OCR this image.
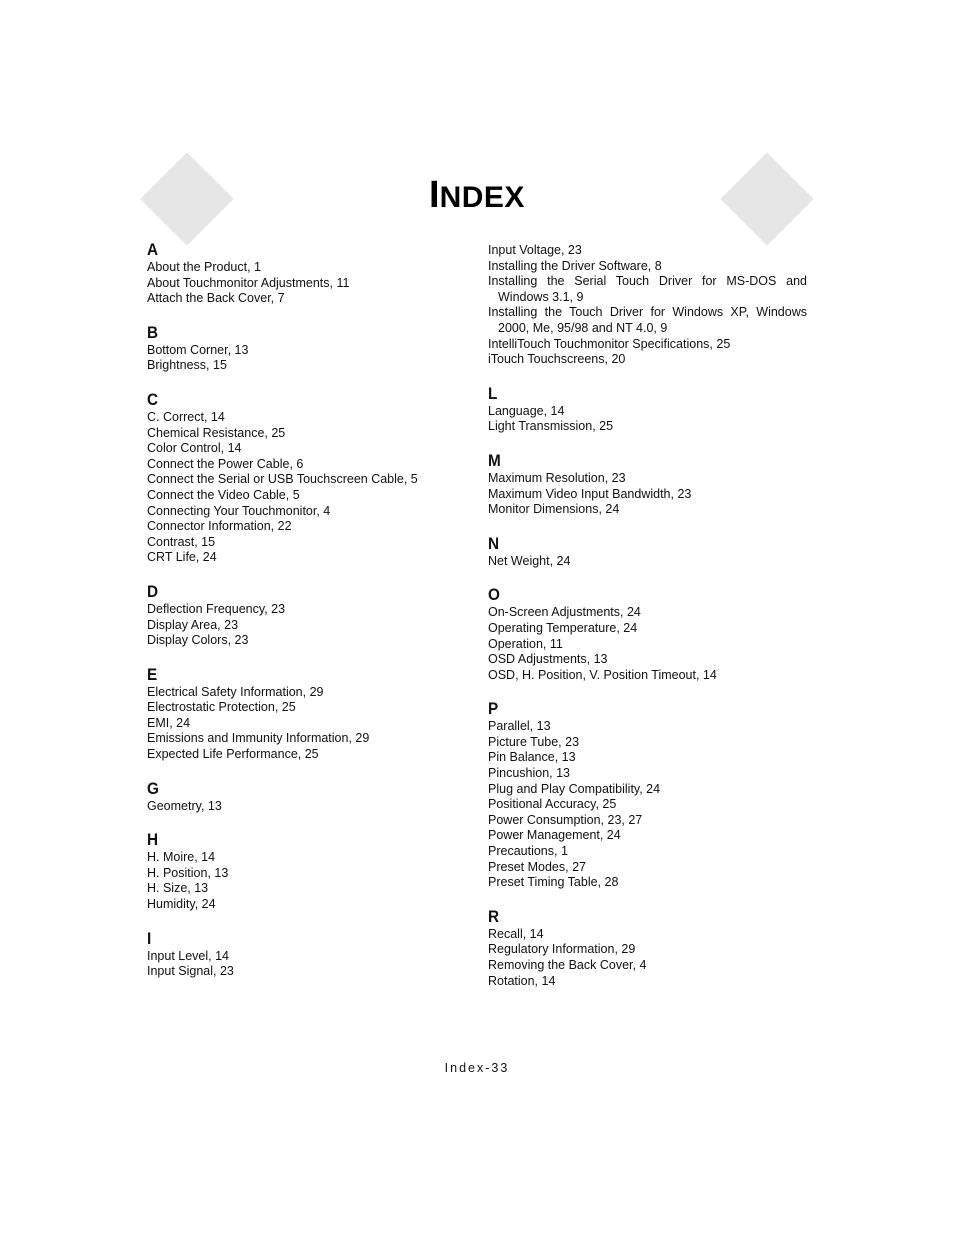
INDEX
A
About the Product, 1
About Touchmonitor Adjustments, 11
Attach the Back Cover, 7
B
Bottom Corner, 13
Brightness, 15
C
C. Correct, 14
Chemical Resistance, 25
Color Control, 14
Connect the Power Cable, 6
Connect the Serial or USB Touchscreen Cable, 5
Connect the Video Cable, 5
Connecting Your Touchmonitor, 4
Connector Information, 22
Contrast, 15
CRT Life, 24
D
Deflection Frequency, 23
Display Area, 23
Display Colors, 23
E
Electrical Safety Information, 29
Electrostatic Protection, 25
EMI, 24
Emissions and Immunity Information, 29
Expected Life Performance, 25
G
Geometry, 13
H
H. Moire, 14
H. Position, 13
H. Size, 13
Humidity, 24
I
Input Level, 14
Input Signal, 23
Input Voltage, 23
Installing the Driver Software, 8
Installing the Serial Touch Driver for MS-DOS and Windows 3.1, 9
Installing the Touch Driver for Windows XP, Windows 2000, Me, 95/98 and NT 4.0, 9
IntelliTouch Touchmonitor Specifications, 25
iTouch Touchscreens, 20
L
Language, 14
Light Transmission, 25
M
Maximum Resolution, 23
Maximum Video Input Bandwidth, 23
Monitor Dimensions, 24
N
Net Weight, 24
O
On-Screen Adjustments, 24
Operating Temperature, 24
Operation, 11
OSD Adjustments, 13
OSD, H. Position, V. Position Timeout, 14
P
Parallel, 13
Picture Tube, 23
Pin Balance, 13
Pincushion, 13
Plug and Play Compatibility, 24
Positional Accuracy, 25
Power Consumption, 23, 27
Power Management, 24
Precautions, 1
Preset Modes, 27
Preset Timing Table, 28
R
Recall, 14
Regulatory Information, 29
Removing the Back Cover, 4
Rotation, 14
Index-33
